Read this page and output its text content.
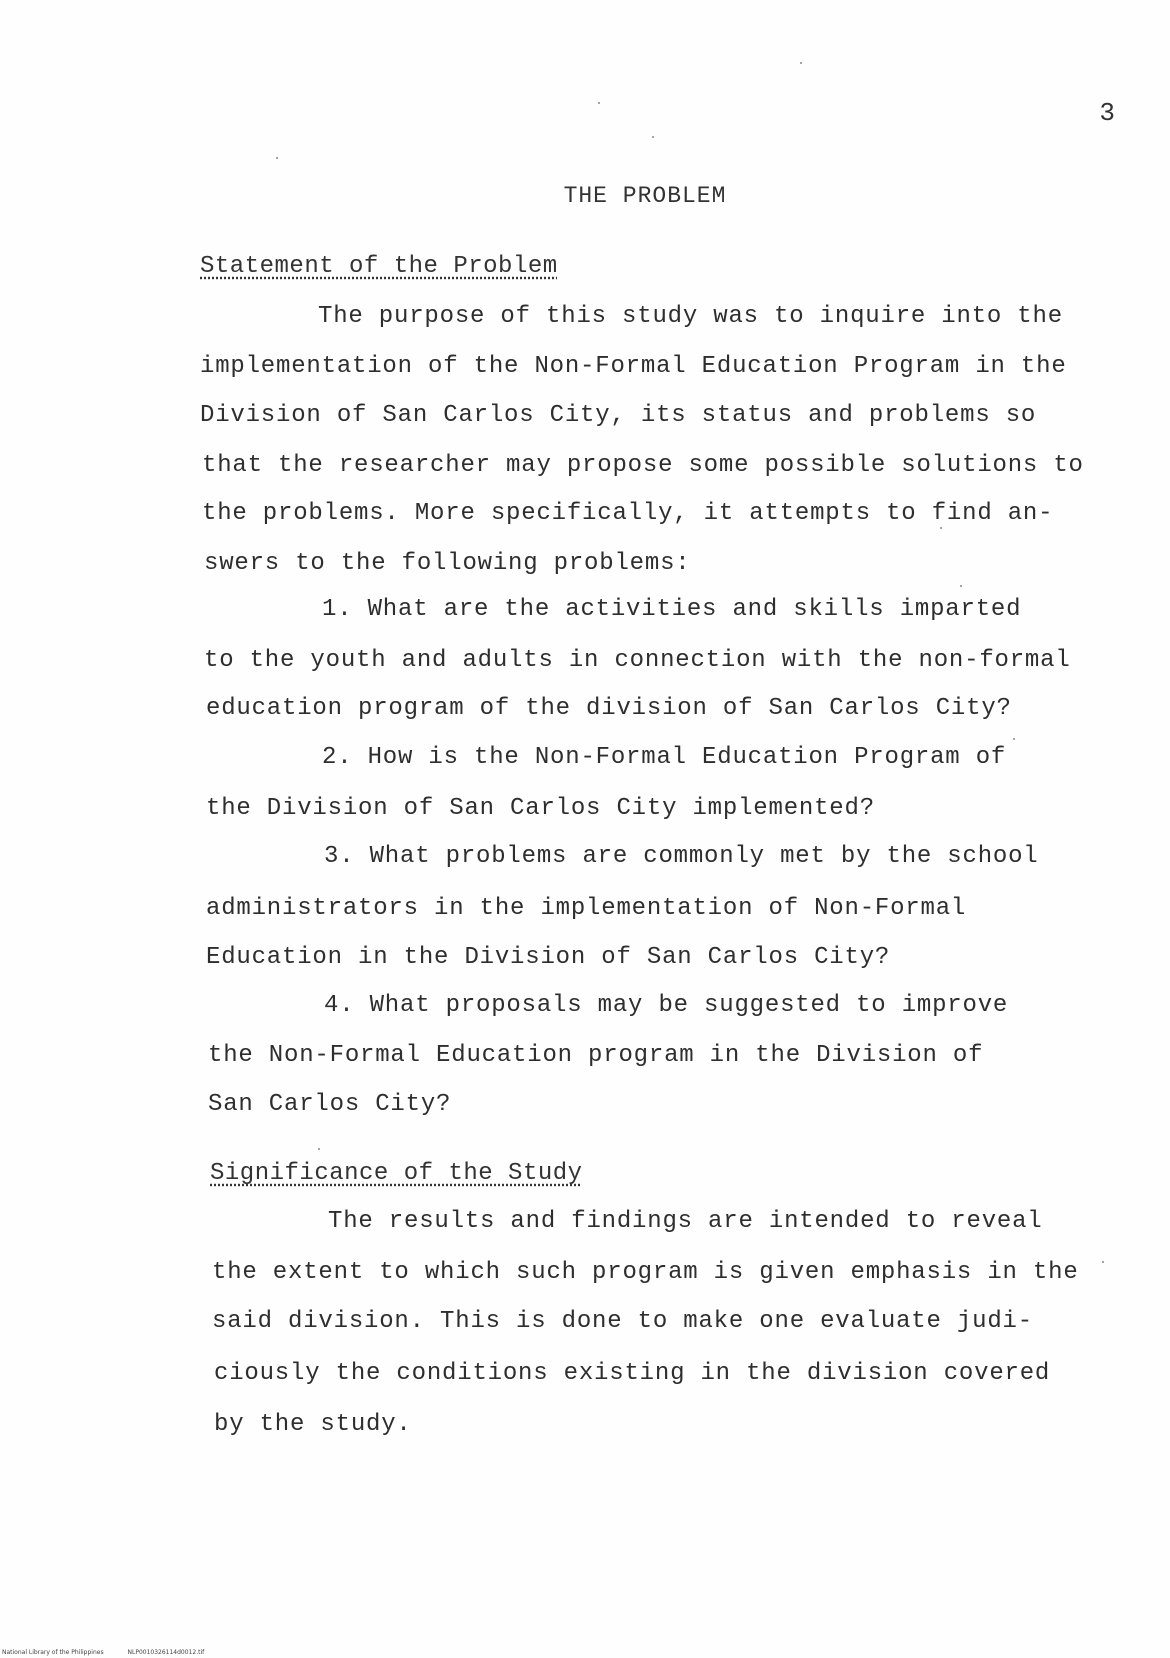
3
THE PROBLEM
Statement of the Problem
The purpose of this study was to inquire into the
implementation of the Non-Formal Education Program in the
Division of San Carlos City, its status and problems so
that the researcher may propose some possible solutions to
the problems. More specifically, it attempts to find an-
swers to the following problems:
1. What are the activities and skills imparted
to the youth and adults in connection with the non-formal
education program of the division of San Carlos City?
2. How is the Non-Formal Education Program of
the Division of San Carlos City implemented?
3. What problems are commonly met by the school
administrators in the implementation of Non-Formal
Education in the Division of San Carlos City?
4. What proposals may be suggested to improve
the Non-Formal Education program in the Division of
San Carlos City?
Significance of the Study
The results and findings are intended to reveal
the extent to which such program is given emphasis in the
said division. This is done to make one evaluate judi-
ciously the conditions existing in the division covered
by the study.
National Library of the Philippines	NLP0010326114d0012.tif
